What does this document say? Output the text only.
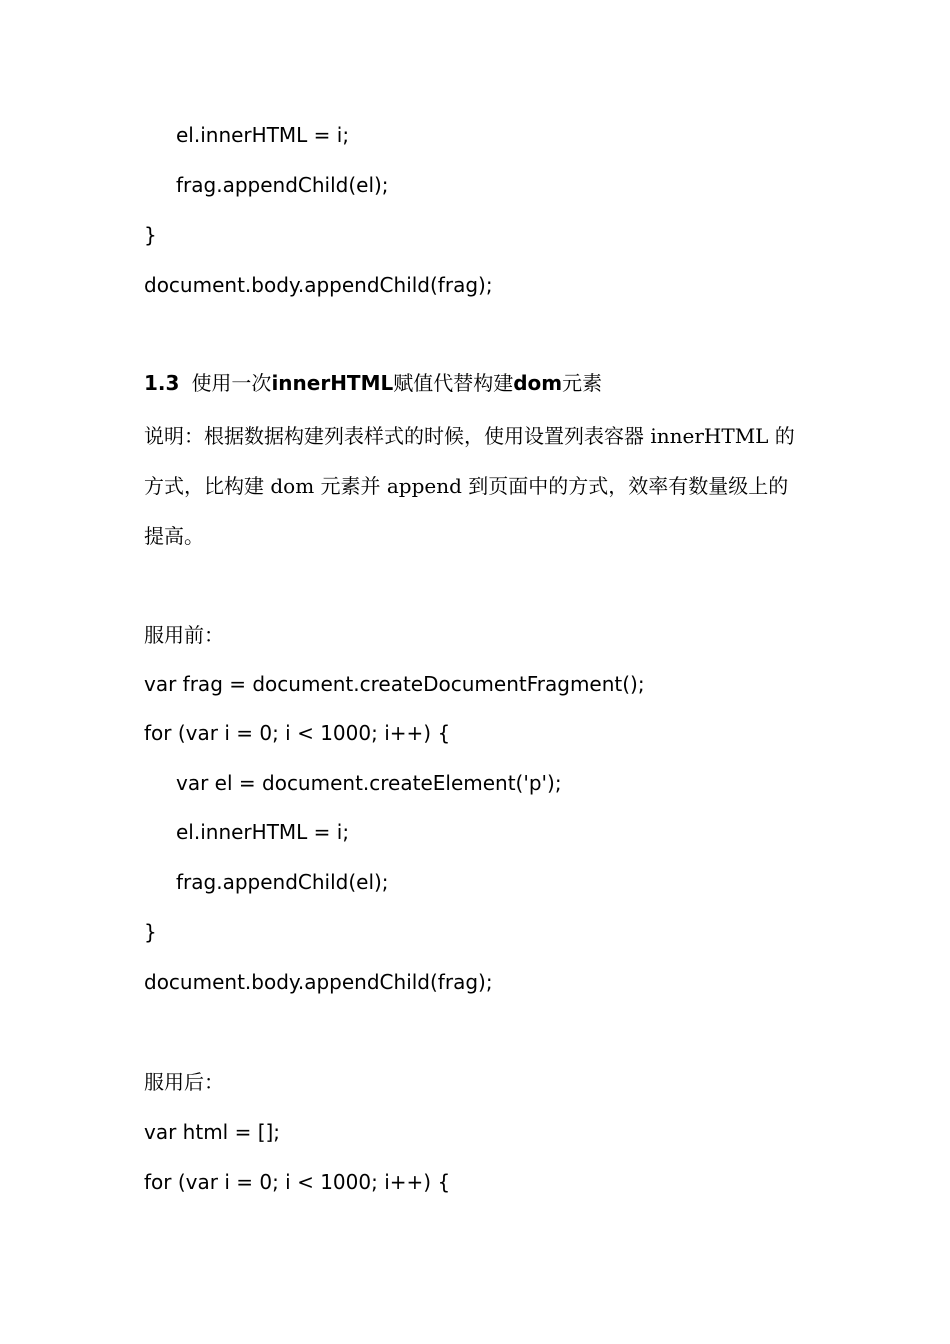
el.innerHTML = i;
frag.appendChild(el);
}
document.body.appendChild(frag);
1.3 使用一次innerHTML赋值代替构建dom元素
说明：根据数据构建列表样式的时候，使用设置列表容器 innerHTML 的
方式，比构建 dom 元素并 append 到页面中的方式，效率有数量级上的
提高。
服用前：
var frag = document.createDocumentFragment();
for (var i = 0; i < 1000; i++) {
var el = document.createElement('p');
el.innerHTML = i;
frag.appendChild(el);
}
document.body.appendChild(frag);
服用后：
var html = [];
for (var i = 0; i < 1000; i++) {
